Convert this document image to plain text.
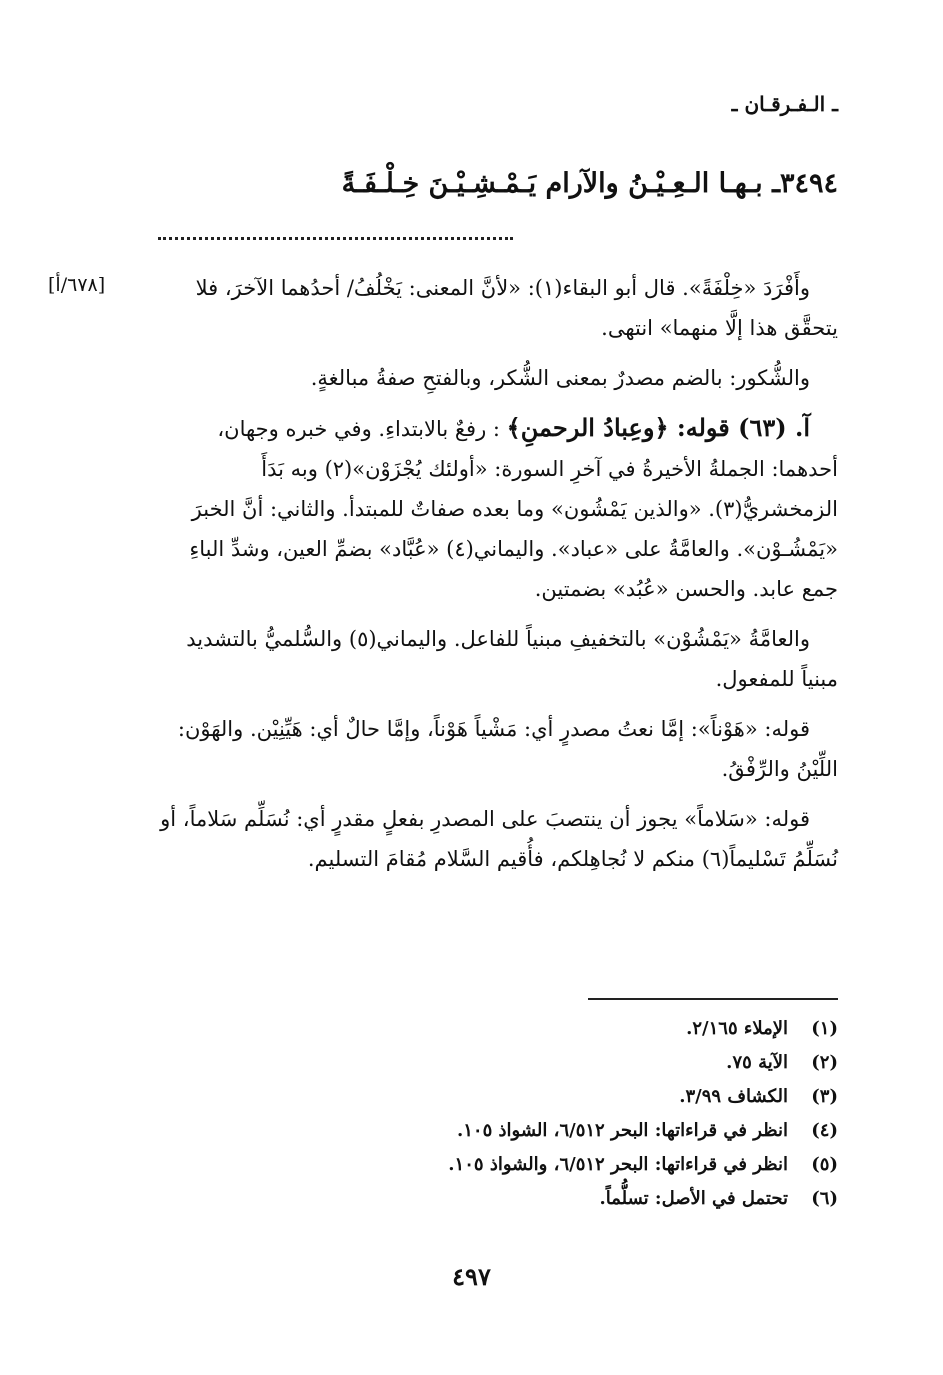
ـ الـفـرقـان ـ
٣٤٩٤ـ بـهـا الـعِـيْـنُ والآرام يَـمْـشِـيْـنَ خِـلْـفَـةً
[٦٧٨/أ]	وأَفْرَدَ «خِلْفَةً». قال أبو البقاء(١): «لأنَّ المعنى: يَخْلُفُ/ أحدُهما الآخرَ، فلا يتحقَّق هذا إلَّا منهما» انتهى.

والشُّكور: بالضم مصدرٌ بمعنى الشُّكر، وبالفتحِ صفةُ مبالغةٍ.

آ. (٦٣) قوله: ﴿وعِبادُ الرحمنِ﴾ : رفعٌ بالابتداءِ. وفي خبره وجهان، أحدهما: الجملةُ الأخيرةُ في آخرِ السورة: «أولئك يُجْزَوْن»(٢) وبه بَدَأَ الزمخشريُّ(٣). «والذين يَمْشُون» وما بعده صفاتٌ للمبتدأ. والثاني: أنَّ الخبرَ «يَمْشُـوْن». والعامَّةُ على «عباد». واليماني(٤) «عُبَّاد» بضمِّ العين، وشدِّ الباءِ جمع عابد. والحسن «عُبُد» بضمتين.

والعامَّةُ «يَمْشُوْن» بالتخفيفِ مبنياً للفاعل. واليماني(٥) والسُّلميُّ بالتشديد مبنياً للمفعول.

قوله: «هَوْناً»: إمَّا نعتُ مصدرٍ أي: مَشْياً هَوْناً، وإمَّا حالٌ أي: هَيِّنِيْن. والهَوْن: اللِّيْنُ والرِّفْقُ.

قوله: «سَلاماً» يجوز أن ينتصبَ على المصدرِ بفعلٍ مقدرٍ أي: نُسَلِّم سَلاماً، أو نُسَلِّمُ تَسْليماً(٦) منكم لا نُجاهِلكم، فأُقيم السَّلام مُقامَ التسليم.

(١)
الإملاء ٢/١٦٥.
(٢)
الآية ٧٥.
(٣)
الكشاف ٣/٩٩.
(٤)
انظر في قراءاتها: البحر ٦/٥١٢، الشواذ ١٠٥.
(٥)
انظر في قراءاتها: البحر ٦/٥١٢، والشواذ ١٠٥.
(٦)
تحتمل في الأصل: تسلُّماً.
٤٩٧
